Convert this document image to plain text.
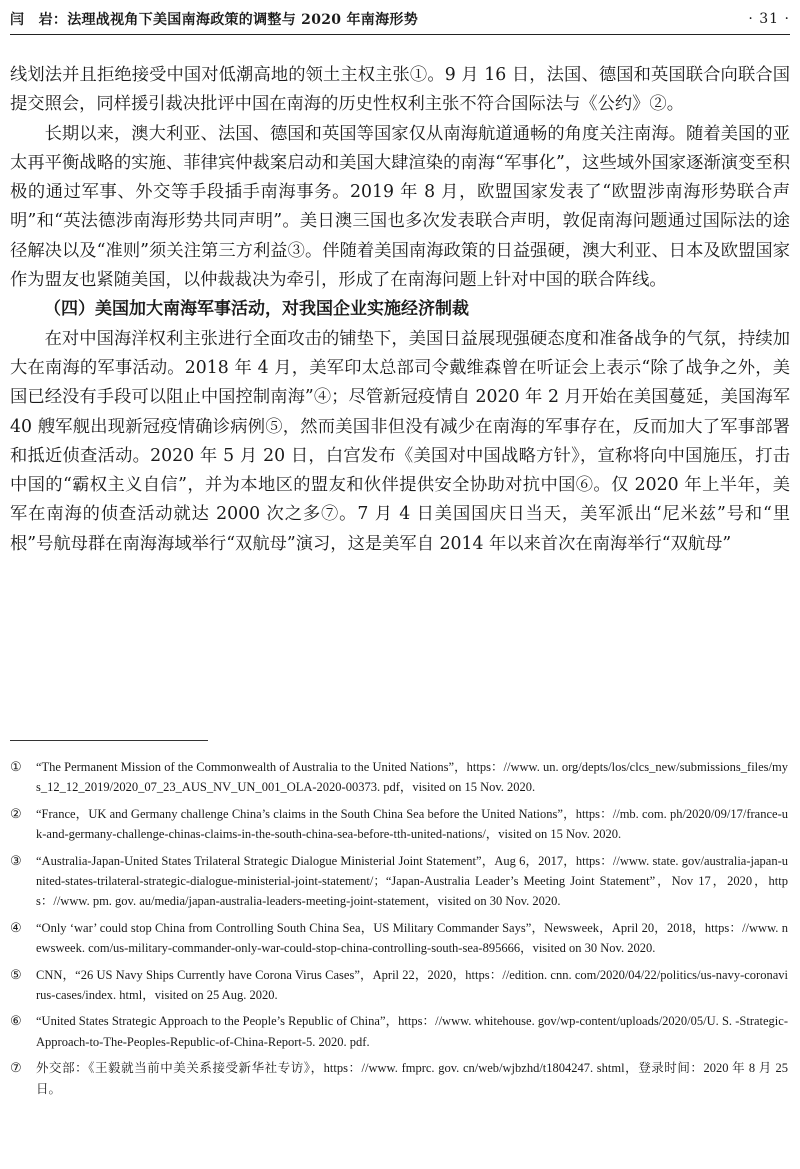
闫　岩：法理战视角下美国南海政策的调整与 2020 年南海形势	· 31 ·

线划法并且拒绝接受中国对低潮高地的领土主权主张①。9 月 16 日，法国、德国和英国联合向联合国提交照会，同样援引裁决批评中国在南海的历史性权利主张不符合国际法与《公约》②。

长期以来，澳大利亚、法国、德国和英国等国家仅从南海航道通畅的角度关注南海。随着美国的亚太再平衡战略的实施、菲律宾仲裁案启动和美国大肆渲染的南海“军事化”，这些域外国家逐渐演变至积极的通过军事、外交等手段插手南海事务。2019 年 8 月，欧盟国家发表了“欧盟涉南海形势联合声明”和“英法德涉南海形势共同声明”。美日澳三国也多次发表联合声明，敦促南海问题通过国际法的途径解决以及“准则”须关注第三方利益③。伴随着美国南海政策的日益强硬，澳大利亚、日本及欧盟国家作为盟友也紧随美国，以仲裁裁决为牵引，形成了在南海问题上针对中国的联合阵线。

（四）美国加大南海军事活动，对我国企业实施经济制裁

在对中国海洋权利主张进行全面攻击的铺垫下，美国日益展现强硬态度和准备战争的气氛，持续加大在南海的军事活动。2018 年 4 月，美军印太总部司令戴维森曾在听证会上表示“除了战争之外，美国已经没有手段可以阻止中国控制南海”④；尽管新冠疫情自 2020 年 2 月开始在美国蔓延，美国海军 40 艘军舰出现新冠疫情确诊病例⑤，然而美国非但没有减少在南海的军事存在，反而加大了军事部署和抵近侦查活动。2020 年 5 月 20 日，白宫发布《美国对中国战略方针》，宣称将向中国施压，打击中国的“霸权主义自信”，并为本地区的盟友和伙伴提供安全协助对抗中国⑥。仅 2020 年上半年，美军在南海的侦查活动就达 2000 次之多⑦。7 月 4 日美国国庆日当天，美军派出“尼米兹”号和“里根”号航母群在南海海域举行“双航母”演习，这是美军自 2014 年以来首次在南海举行“双航母”

①	“The Permanent Mission of the Commonwealth of Australia to the United Nations”，https：//www. un. org/depts/los/clcs_new/submissions_files/mys_12_12_2019/2020_07_23_AUS_NV_UN_001_OLA-2020-00373. pdf，visited on 15 Nov. 2020.
②	“France，UK and Germany challenge China’s claims in the South China Sea before the United Nations”，https：//mb. com. ph/2020/09/17/france-uk-and-germany-challenge-chinas-claims-in-the-south-china-sea-before-tth-united-nations/，visited on 15 Nov. 2020.
③	“Australia-Japan-United States Trilateral Strategic Dialogue Ministerial Joint Statement”，Aug 6，2017，https：//www. state. gov/australia-japan-united-states-trilateral-strategic-dialogue-ministerial-joint-statement/；“Japan-Australia Leader’s Meeting Joint Statement”，Nov 17，2020，https：//www. pm. gov. au/media/japan-australia-leaders-meeting-joint-statement，visited on 30 Nov. 2020.
④	“Only ‘war’ could stop China from Controlling South China Sea，US Military Commander Says”，Newsweek，April 20，2018，https：//www. newsweek. com/us-military-commander-only-war-could-stop-china-controlling-south-sea-895666，visited on 30 Nov. 2020.
⑤	CNN，“26 US Navy Ships Currently have Corona Virus Cases”，April 22，2020，https：//edition. cnn. com/2020/04/22/politics/us-navy-coronavirus-cases/index. html，visited on 25 Aug. 2020.
⑥	“United States Strategic Approach to the People’s Republic of China”，https：//www. whitehouse. gov/wp-content/uploads/2020/05/U. S. -Strategic-Approach-to-The-Peoples-Republic-of-China-Report-5. 2020. pdf.
⑦	外交部：《王毅就当前中美关系接受新华社专访》，https：//www. fmprc. gov. cn/web/wjbzhd/t1804247. shtml，登录时间：2020 年 8 月 25 日。
